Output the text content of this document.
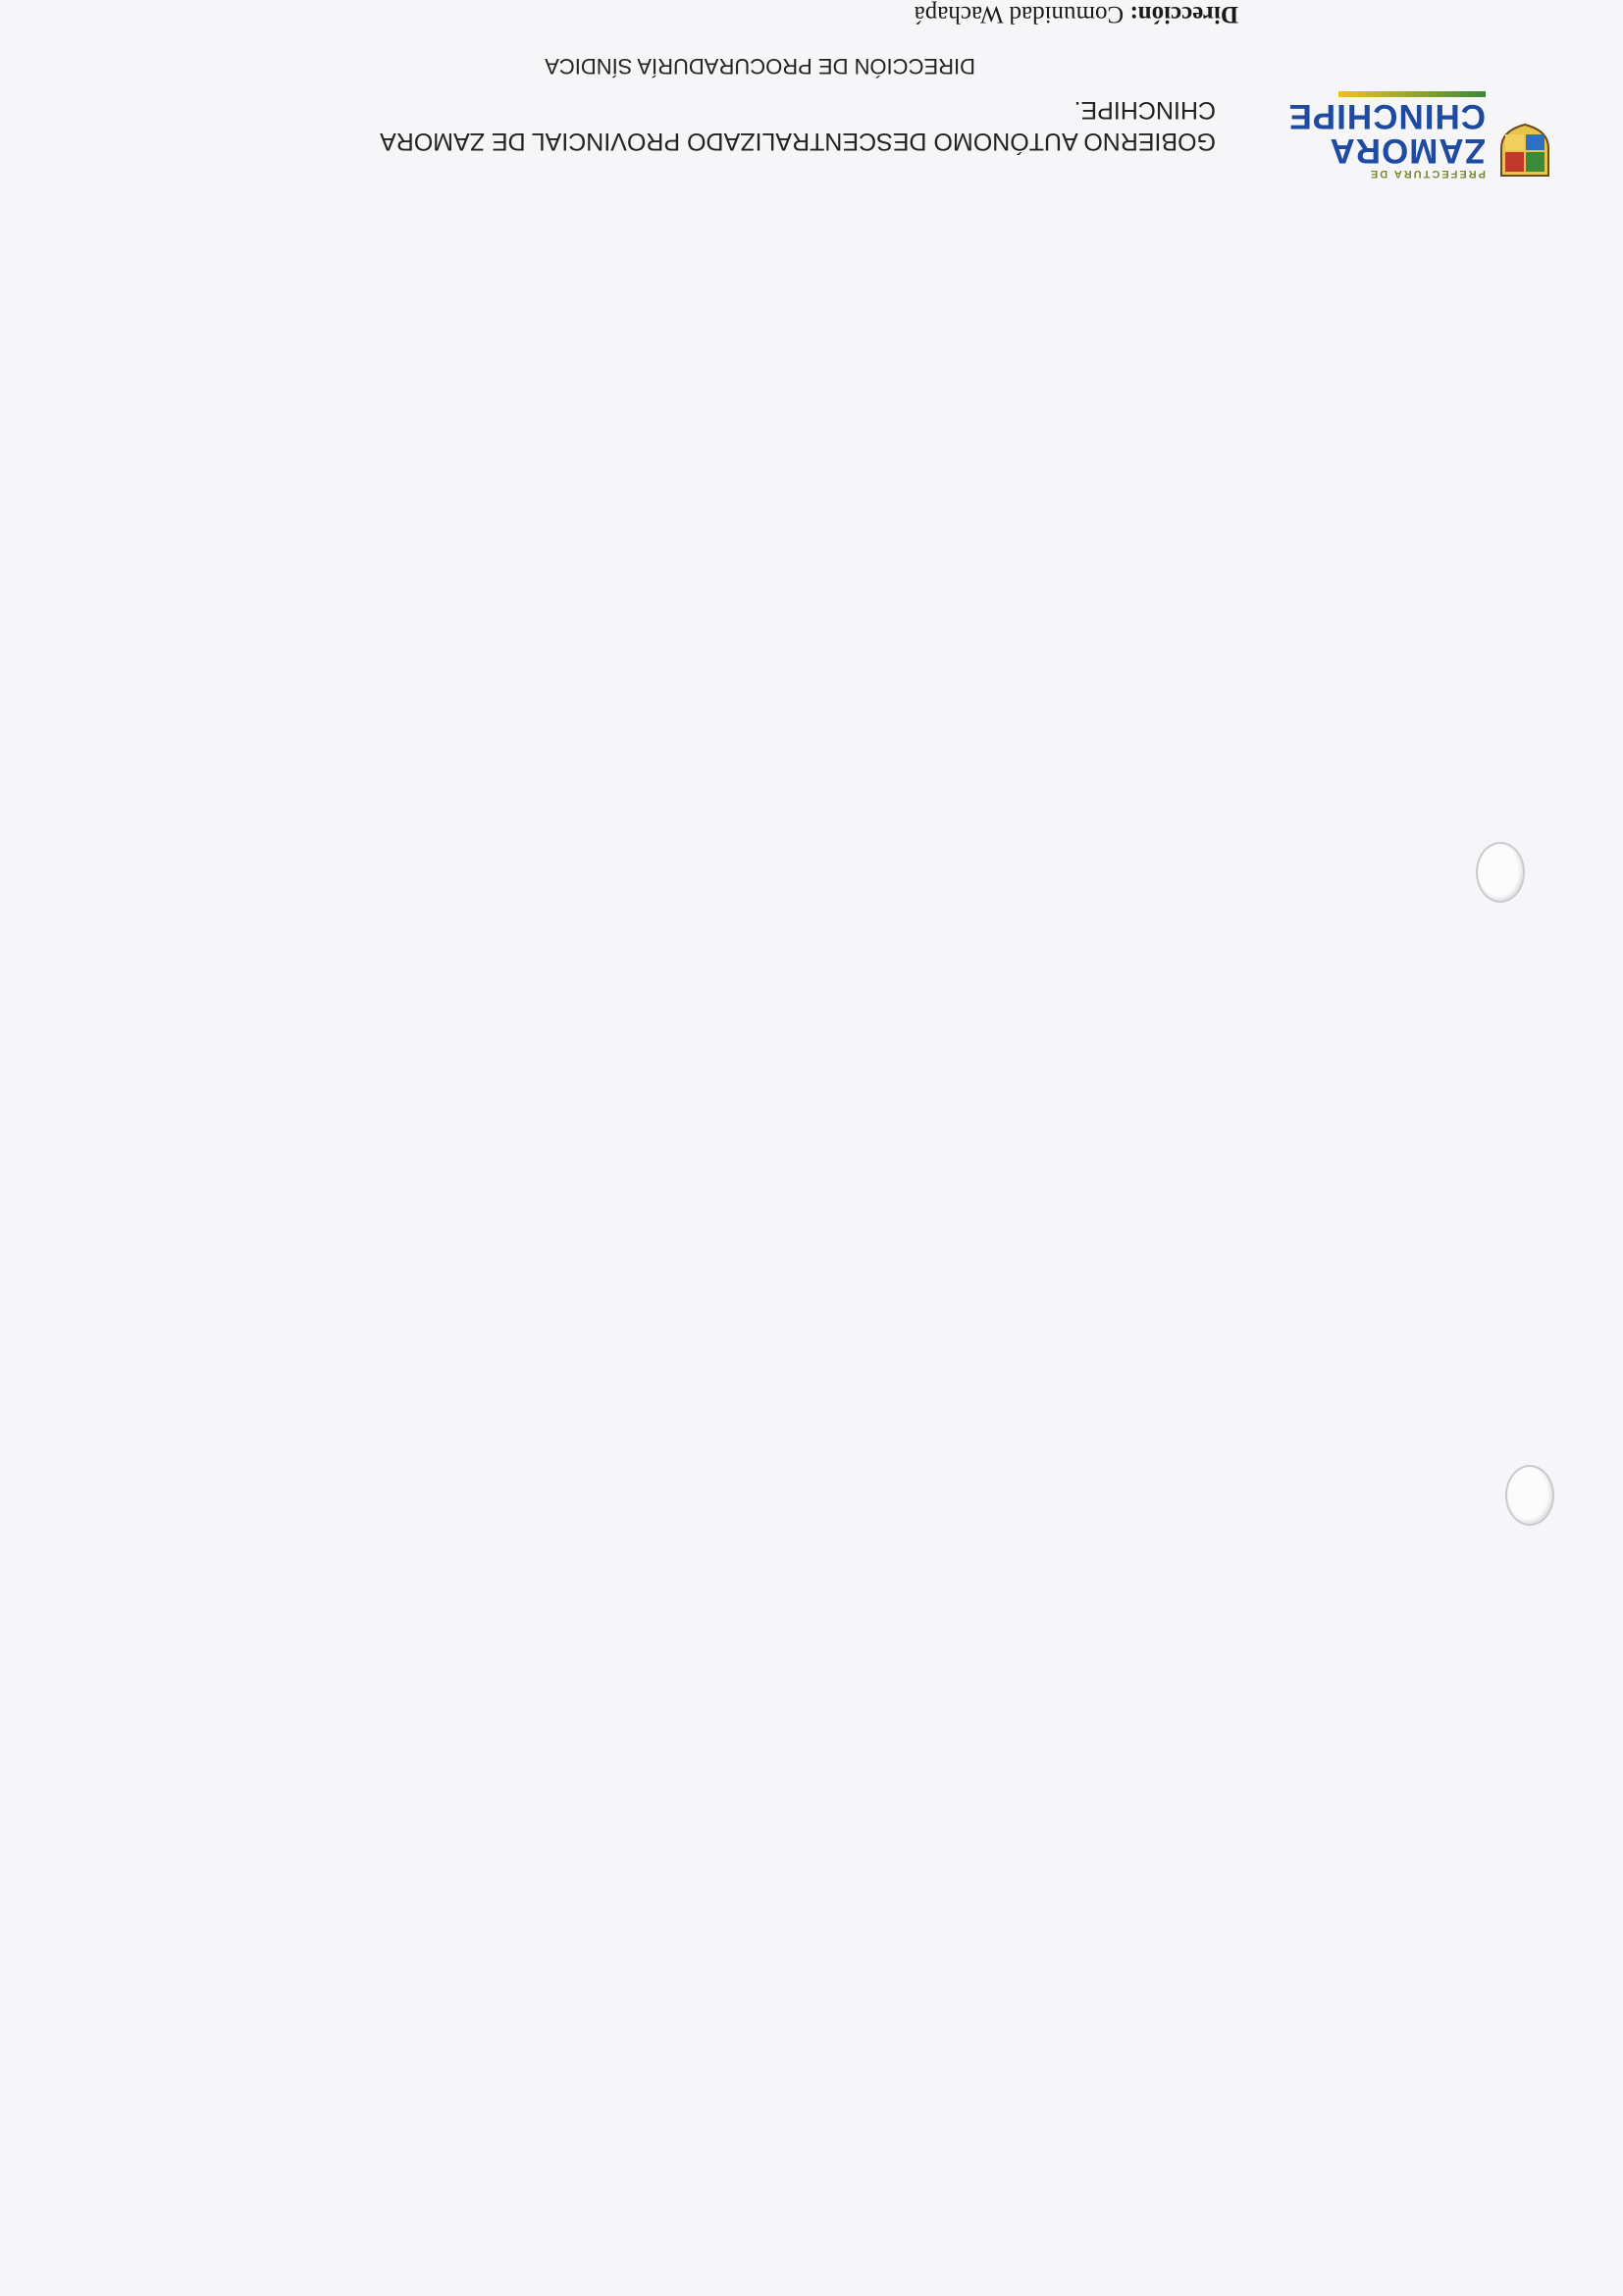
PREFECTURA DE
ZAMORA
CHINCHIPE
GOBIERNO AUTÓNOMO DESCENTRALIZADO PROVINCIAL DE ZAMORA
CHINCHIPE.
DIRECCIÓN DE PROCURADURÍA SÍNDICA
Dirección: Comunidad Wachapá
